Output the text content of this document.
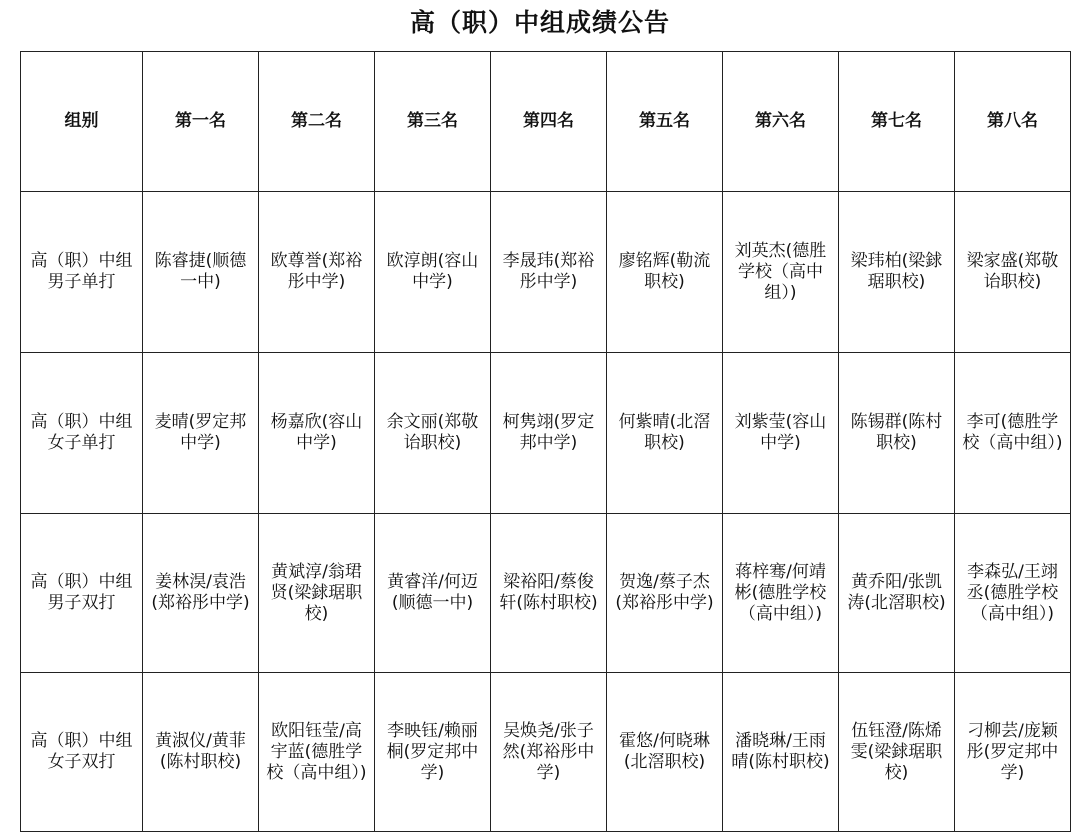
高（职）中组成绩公告
组别	第一名	第二名	第三名	第四名	第五名	第六名	第七名	第八名
高（职）中组男子单打	陈睿捷(顺德一中)	欧尊誉(郑裕彤中学)	欧淳朗(容山中学)	李晟玮(郑裕彤中学)	廖铭辉(勒流职校)	刘英杰(德胜学校（高中组）)	梁玮柏(梁銶琚职校)	梁家盛(郑敬诒职校)
高（职）中组女子单打	麦晴(罗定邦中学)	杨嘉欣(容山中学)	余文丽(郑敬诒职校)	柯隽翊(罗定邦中学)	何紫晴(北滘职校)	刘紫莹(容山中学)	陈锡群(陈村职校)	李可(德胜学校（高中组）)
高（职）中组男子双打	姜林淏/袁浩(郑裕彤中学)	黄斌淳/翁珺贤(梁銶琚职校)	黄睿洋/何迈(顺德一中)	梁裕阳/蔡俊轩(陈村职校)	贺逸/蔡子杰(郑裕彤中学)	蒋梓骞/何靖彬(德胜学校（高中组）)	黄乔阳/张凯涛(北滘职校)	李森弘/王翊丞(德胜学校（高中组）)
高（职）中组女子双打	黄淑仪/黄菲(陈村职校)	欧阳钰莹/高宇蓝(德胜学校（高中组）)	李映钰/赖丽桐(罗定邦中学)	吴焕尧/张子然(郑裕彤中学)	霍悠/何晓琳(北滘职校)	潘晓琳/王雨晴(陈村职校)	伍钰澄/陈烯雯(梁銶琚职校)	刁柳芸/庞颖彤(罗定邦中学)
